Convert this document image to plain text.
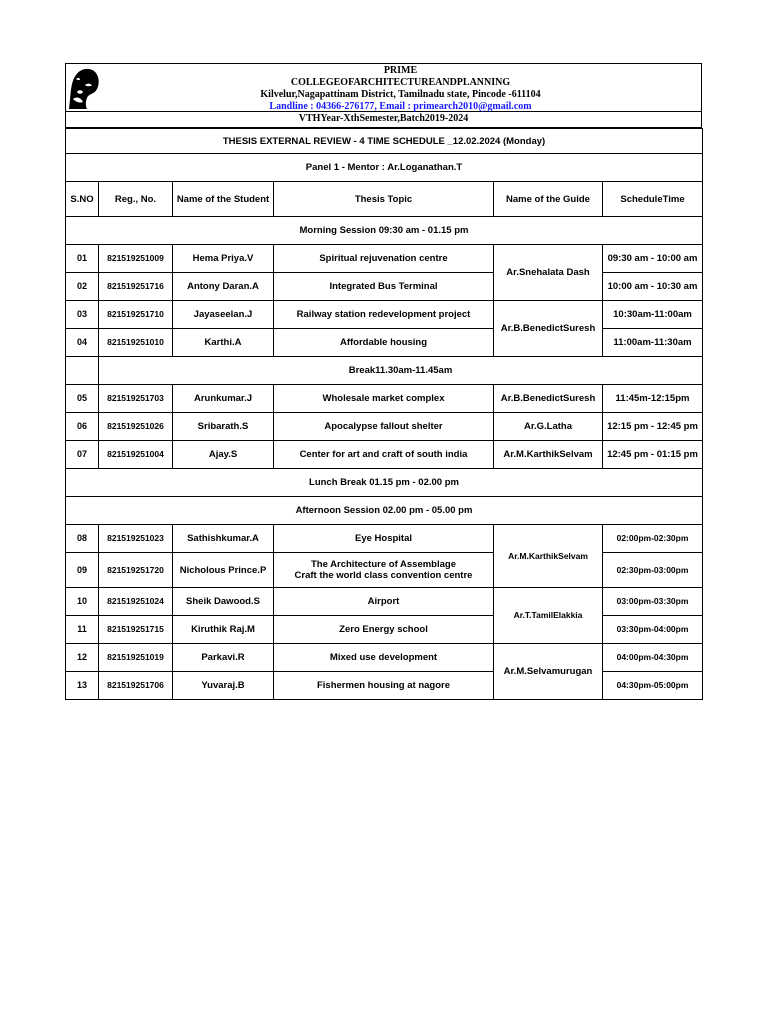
PRIME
COLLEGEOFARCHITECTUREANDPLANNING
Kilvelur,Nagapattinam District, Tamilnadu state, Pincode -611104
Landline : 04366-276177, Email : primearch2010@gmail.com
VTHYear-XthSemester,Batch2019-2024
THESIS EXTERNAL REVIEW - 4 TIME SCHEDULE _12.02.2024 (Monday)					
Panel 1 - Mentor : Ar.Loganathan.T					
S.NO	Reg., No.	Name of the Student	Thesis Topic	Name of the Guide	ScheduleTime
Morning Session 09:30 am - 01.15 pm					
01	821519251009	Hema Priya.V	Spiritual rejuvenation centre	Ar.Snehalata Dash	09:30 am - 10:00 am
02	821519251716	Antony Daran.A	Integrated Bus Terminal		10:00 am - 10:30 am
03	821519251710	Jayaseelan.J	Railway station redevelopment project	Ar.B.BenedictSuresh	10:30am-11:00am
04	821519251010	Karthi.A	Affordable housing		11:00am-11:30am
	Break11.30am-11.45am				
05	821519251703	Arunkumar.J	Wholesale market complex	Ar.B.BenedictSuresh	11:45m-12:15pm
06	821519251026	Sribarath.S	Apocalypse fallout shelter	Ar.G.Latha	12:15 pm - 12:45 pm
07	821519251004	Ajay.S	Center for art and craft of south india	Ar.M.KarthikSelvam	12:45 pm - 01:15 pm
Lunch Break 01.15 pm - 02.00 pm					
Afternoon Session 02.00 pm - 05.00 pm					
08	821519251023	Sathishkumar.A	Eye Hospital	Ar.M.KarthikSelvam	02:00pm-02:30pm
09	821519251720	Nicholous Prince.P	The Architecture of Assemblage
Craft the world class convention centre		02:30pm-03:00pm
10	821519251024	Sheik Dawood.S	Airport	Ar.T.TamilElakkia	03:00pm-03:30pm
11	821519251715	Kiruthik Raj.M	Zero Energy school		03:30pm-04:00pm
12	821519251019	Parkavi.R	Mixed use development	Ar.M.Selvamurugan	04:00pm-04:30pm
13	821519251706	Yuvaraj.B	Fishermen housing at nagore		04:30pm-05:00pm
